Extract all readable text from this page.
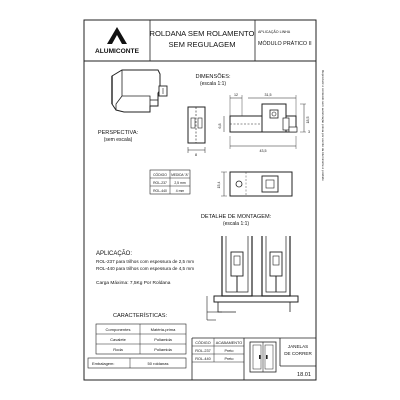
ALUMICONTE
ROLDANA SEM ROLAMENTO
SEM REGULAGEM
APLICAÇÃO LINHA
MÓDULO PRÁTICO II
Reproduzir o conteúdo sem autorização prévia por escrito da Alumiconte é proibido
PERSPECTIVA:
(sem escala)
DIMENSÕES:
(escala 1:1)
8
12	31,5
6,8
18,5
3
43,5
15,4
CÓDIGO MEDIDA "A"
ROL-237 2,5 mm
ROL-440	4 mm
DETALHE DE MONTAGEM:
(escala 1:1)
APLICAÇÃO:
ROL-237 para trilhos com espessura de 2,5 mm
ROL-440 para trilhos com espessura de 4,5 mm
Carga Máxima: 7,5Kg Por Roldana
CARACTERÍSTICAS:
Componentes	Matéria-prima
Cavalete	Poliamida
Roda	Poliamida
Embalagem:	50 roldanas
CÓDIGO ACABAMENTO
ROL-237	Preto
ROL-440	Preto
JANELAS
DE CORRER
18.01
